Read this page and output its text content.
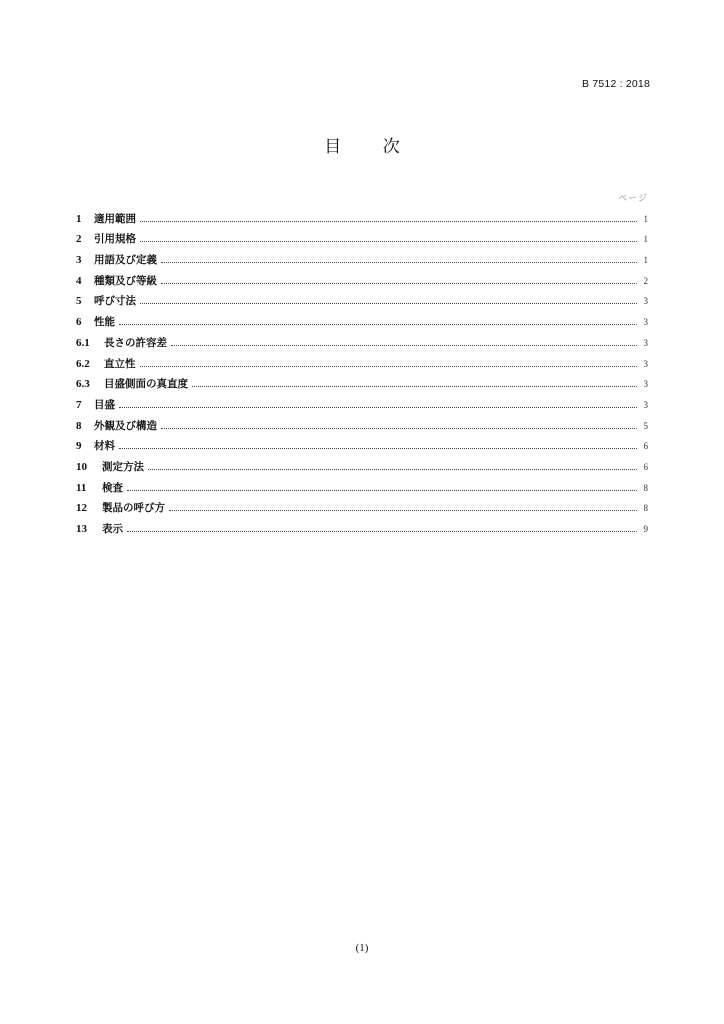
B 7512 : 2018
目 次
ページ
1	適用範囲	1
2	引用規格	1
3	用語及び定義	1
4	種類及び等級	2
5	呼び寸法	3
6	性能	3
6.1	長さの許容差	3
6.2	直立性	3
6.3	目盛側面の真直度	3
7	目盛	3
8	外観及び構造	5
9	材料	6
10	測定方法	6
11	検査	8
12	製品の呼び方	8
13	表示	9
(1)
